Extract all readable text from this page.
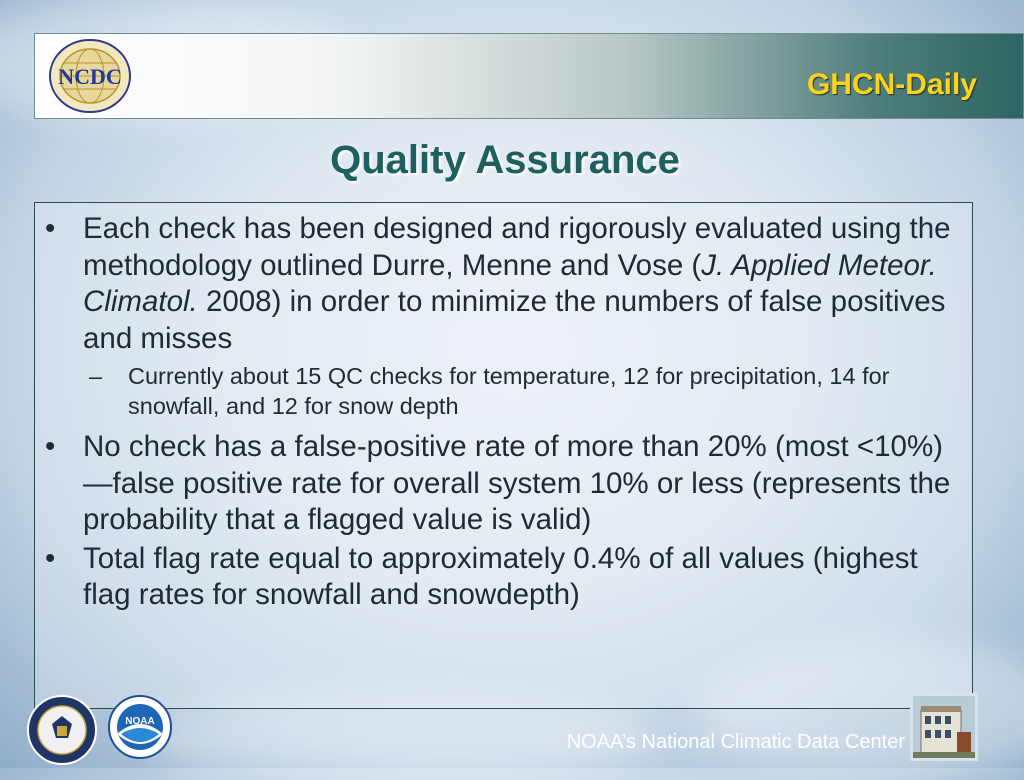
GHCN-Daily
NCDC
Quality Assurance
• Each check has been designed and rigorously evaluated using the methodology outlined Durre, Menne and Vose (J. Applied Meteor. Climatol. 2008) in order to minimize the numbers of false positives and misses
– Currently about 15 QC checks for temperature, 12 for precipitation, 14 for snowfall, and 12 for snow depth
• No check has a false-positive rate of more than 20% (most <10%)—false positive rate for overall system 10% or less (represents the probability that a flagged value is valid)
• Total flag rate equal to approximately 0.4% of all values (highest flag rates for snowfall and snowdepth)
NOAA

NOAA’s National Climatic Data Center
